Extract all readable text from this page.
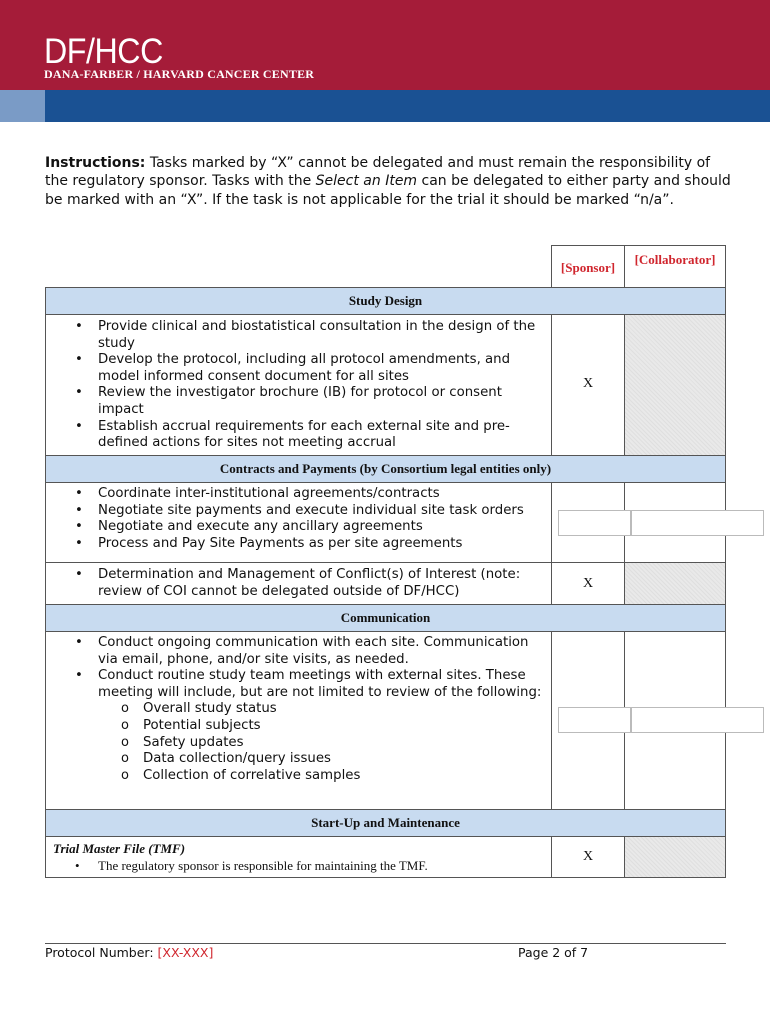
DF/HCC
DANA-FARBER / HARVARD CANCER CENTER
Instructions: Tasks marked by “X” cannot be delegated and must remain the responsibility of the regulatory sponsor. Tasks with the Select an Item can be delegated to either party and should be marked with an “X”. If the task is not applicable for the trial it should be marked “n/a”.
[Sponsor]
[Collaborator]
Study Design
• Provide clinical and biostatistical consultation in the design of the study
• Develop the protocol, including all protocol amendments, and model informed consent document for all sites
• Review the investigator brochure (IB) for protocol or consent impact
• Establish accrual requirements for each external site and pre-defined actions for sites not meeting accrual
X
Contracts and Payments (by Consortium legal entities only)
• Coordinate inter-institutional agreements/contracts
• Negotiate site payments and execute individual site task orders
• Negotiate and execute any ancillary agreements
• Process and Pay Site Payments as per site agreements
• Determination and Management of Conflict(s) of Interest (note: review of COI cannot be delegated outside of DF/HCC)
X
Communication
• Conduct ongoing communication with each site. Communication via email, phone, and/or site visits, as needed.
• Conduct routine study team meetings with external sites. These meeting will include, but are not limited to review of the following:
o Overall study status
o Potential subjects
o Safety updates
o Data collection/query issues
o Collection of correlative samples
Start-Up and Maintenance
Trial Master File (TMF)
• The regulatory sponsor is responsible for maintaining the TMF.
X
Protocol Number: [XX-XXX]	Page 2 of 7
